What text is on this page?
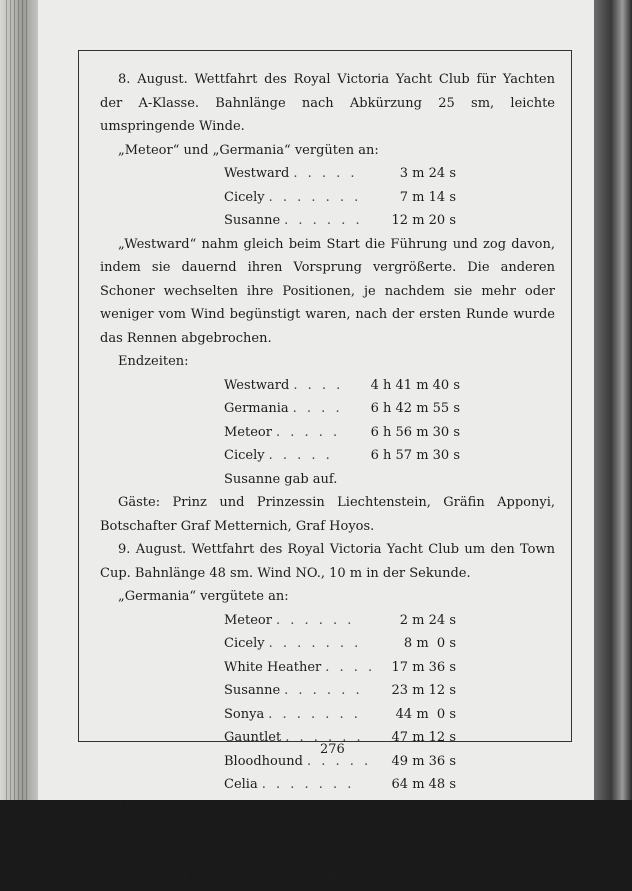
8. August. Wettfahrt des Royal Victoria Yacht Club für Yachten der A-Klasse. Bahnlänge nach Abkürzung 25 sm, leichte umspringende Winde.

„Meteor“ und „Germania“ vergüten an:

Westward . . . . .	3 m 24 s
Cicely . . . . . . .	7 m 14 s
Susanne . . . . . .	12 m 20 s

„Westward“ nahm gleich beim Start die Führung und zog davon, indem sie dauernd ihren Vorsprung vergrößerte. Die anderen Schoner wechselten ihre Positionen, je nachdem sie mehr oder weniger vom Wind begünstigt waren, nach der ersten Runde wurde das Rennen abgebrochen.

Endzeiten:

Westward . . . .	4 h 41 m 40 s
Germania . . . .	6 h 42 m 55 s
Meteor . . . . .	6 h 56 m 30 s
Cicely . . . . .	6 h 57 m 30 s

Susanne gab auf.

Gäste: Prinz und Prinzessin Liechtenstein, Gräfin Apponyi, Botschafter Graf Metternich, Graf Hoyos.

9. August. Wettfahrt des Royal Victoria Yacht Club um den Town Cup. Bahnlänge 48 sm. Wind NO., 10 m in der Sekunde.

„Germania“ vergütete an:

Meteor . . . . . .	2 m 24 s
Cicely . . . . . . .	8 m  0 s
White Heather . . . .	17 m 36 s
Susanne . . . . . .	23 m 12 s
Sonya . . . . . . .	44 m  0 s
Gauntlet . . . . . .	47 m 12 s
Bloodhound . . . . .	49 m 36 s
Celia . . . . . . .	64 m 48 s

Der Start war ein wirklich schöner Anblick. Sechs große Yachten in hoher Fahrt, „Meteor“ zu luvward, dann „Cicely“, „Germania“, „White Heather“, „Susanne“ und „Sonya“ traten nahezu in Linie, etwa 3 s nach dem Schuß, auf die Bahn.

276
